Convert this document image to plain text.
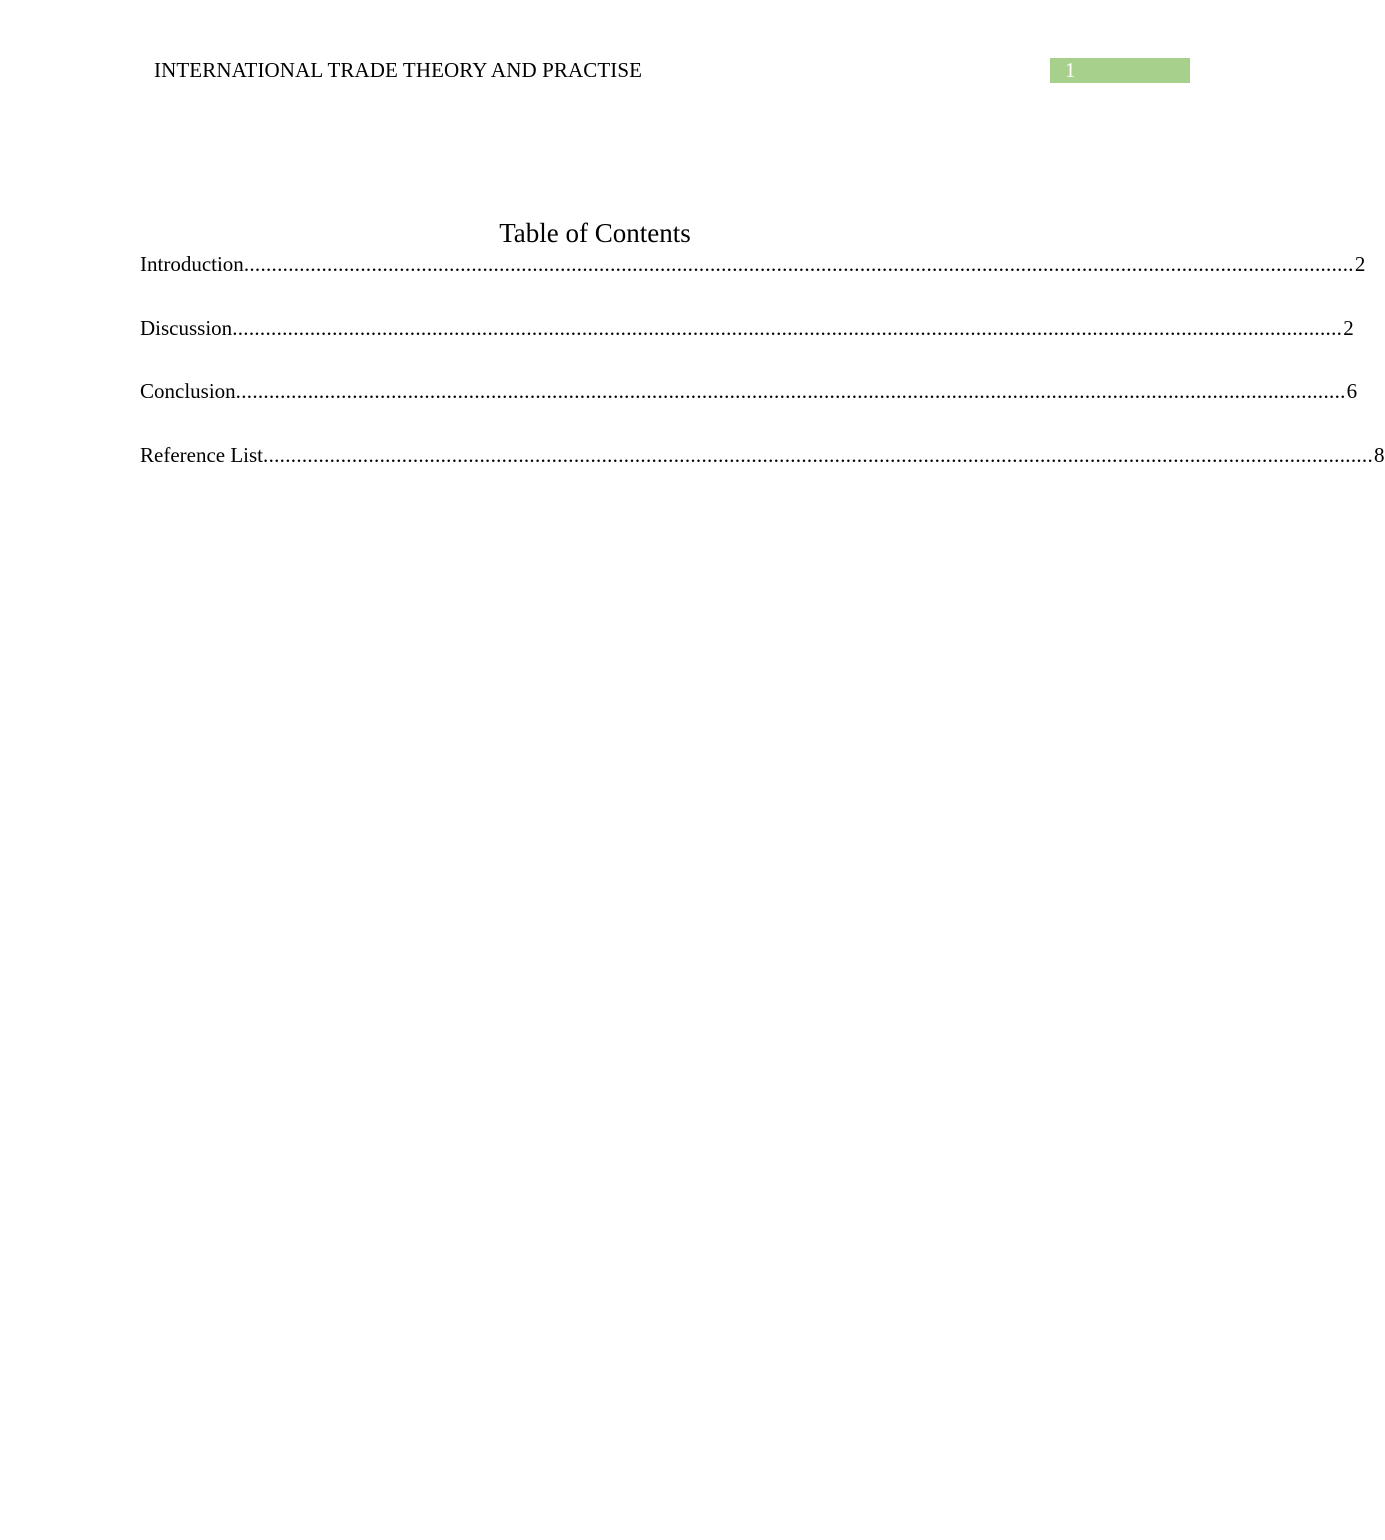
INTERNATIONAL TRADE THEORY AND PRACTISE	1
Table of Contents
Introduction ........................................................................................................................................................................................................ 2
Discussion ........................................................................................................................................................................................................ 2
Conclusion ........................................................................................................................................................................................................ 6
Reference List ........................................................................................................................................................................................................ 8
